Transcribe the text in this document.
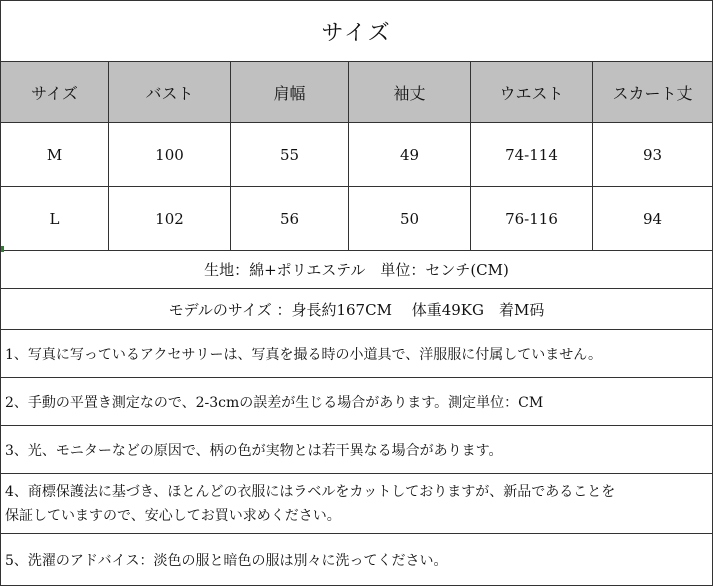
サイズ
サイズ	バスト	肩幅	袖丈	ウエスト	スカート丈
M	100	55	49	74-114	93
L	102	56	50	76-116	94
生地：綿+ポリエステル　単位：センチ(CM)
モデルのサイズ ：身長約167CM　 体重49KG　着M码
1、写真に写っているアクセサリーは、写真を撮る時の小道具で、洋服服に付属していません。
2、手動の平置き測定なので、2-3cmの誤差が生じる場合があります。測定単位：CM
3、光、モニターなどの原因で、柄の色が実物とは若干異なる場合があります。
4、商標保護法に基づき、ほとんどの衣服にはラベルをカットしておりますが、新品であることを
保証していますので、安心してお買い求めください。
5、洗濯のアドバイス：淡色の服と暗色の服は別々に洗ってください。
